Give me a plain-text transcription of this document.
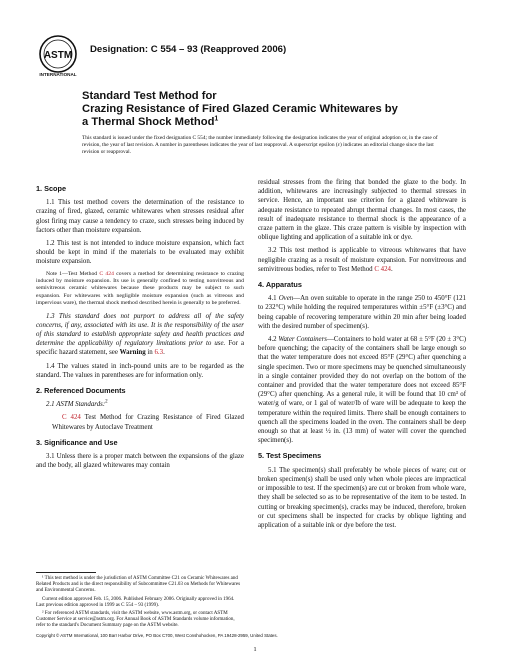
ASTM
INTERNATIONAL
Designation: C 554 – 93 (Reapproved 2006)
Standard Test Method for
Crazing Resistance of Fired Glazed Ceramic Whitewares by
a Thermal Shock Method$^1$
This standard is issued under the fixed designation C 554; the number immediately following the designation indicates the year of original adoption or, in the case of revision, the year of last revision. A number in parentheses indicates the year of last reapproval. A superscript epsilon (ε) indicates an editorial change since the last revision or reapproval.
1. Scope

1.1 This test method covers the determination of the resistance to crazing of fired, glazed, ceramic whitewares when stresses residual after glost firing may cause a tendency to craze, such stresses being induced by factors other than moisture expansion.

1.2 This test is not intended to induce moisture expansion, which fact should be kept in mind if the materials to be evaluated may exhibit moisture expansion.

Note 1—Test Method C 424 covers a method for determining resistance to crazing induced by moisture expansion. Its use is generally confined to testing nonvitreous and semivitreous ceramic whitewares because these products may be subject to such expansion. For whitewares with negligible moisture expansion (such as vitreous and impervious ware), the thermal shock method described herein is generally to be preferred.

1.3 This standard does not purport to address all of the safety concerns, if any, associated with its use. It is the responsibility of the user of this standard to establish appropriate safety and health practices and determine the applicability of regulatory limitations prior to use. For a specific hazard statement, see Warning in 6.3.

1.4 The values stated in inch-pound units are to be regarded as the standard. The values in parentheses are for information only.

2. Referenced Documents

2.1 ASTM Standards:$^2$

C 424 Test Method for Crazing Resistance of Fired Glazed Whitewares by Autoclave Treatment

3. Significance and Use

3.1 Unless there is a proper match between the expansions of the glaze and the body, all glazed whitewares may contain

residual stresses from the firing that bonded the glaze to the body. In addition, whitewares are increasingly subjected to thermal stresses in service. Hence, an important use criterion for a glazed whiteware is adequate resistance to repeated abrupt thermal changes. In most cases, the result of inadequate resistance to thermal shock is the appearance of a craze pattern in the glaze. This craze pattern is visible by inspection with oblique lighting and application of a suitable ink or dye.

3.2 This test method is applicable to vitreous whitewares that have negligible crazing as a result of moisture expansion. For nonvitreous and semivitreous bodies, refer to Test Method C 424.

4. Apparatus

4.1 Oven—An oven suitable to operate in the range 250 to 450°F (121 to 232°C) while holding the required temperatures within ±5°F (±3°C) and being capable of recovering temperature within 20 min after being loaded with the desired number of specimen(s).

4.2 Water Containers—Containers to hold water at 68 ± 5°F (20 ± 3°C) before quenching; the capacity of the containers shall be large enough so that the water temperature does not exceed 85°F (29°C) after quenching a single specimen. Two or more specimens may be quenched simultaneously in a single container provided they do not overlap on the bottom of the container and provided that the water temperature does not exceed 85°F (29°C) after quenching. As a general rule, it will be found that 10 cm³ of water/g of ware, or 1 gal of water/lb of ware will be adequate to keep the temperature within the required limits. There shall be enough containers to quench all the specimens loaded in the oven. The containers shall be deep enough so that at least ½ in. (13 mm) of water will cover the quenched specimen(s).

5. Test Specimens

5.1 The specimen(s) shall preferably be whole pieces of ware; cut or broken specimen(s) shall be used only when whole pieces are impractical or impossible to test. If the specimen(s) are cut or broken from whole ware, they shall be selected so as to be representative of the item to be tested. In cutting or breaking specimen(s), cracks may be induced, therefore, broken or cut specimens shall be inspected for cracks by oblique lighting and application of a suitable ink or dye before the test.

¹ This test method is under the jurisdiction of ASTM Committee C21 on Ceramic Whitewares and Related Products and is the direct responsibility of Subcommittee C21.03 on Methods for Whitewares and Environmental Concerns.

Current edition approved Feb. 15, 2006. Published February 2006. Originally approved in 1964. Last previous edition approved in 1999 as C 554 – 93 (1999).

² For referenced ASTM standards, visit the ASTM website, www.astm.org, or contact ASTM Customer Service at service@astm.org. For Annual Book of ASTM Standards volume information, refer to the standard's Document Summary page on the ASTM website.

Copyright © ASTM International, 100 Barr Harbor Drive, PO Box C700, West Conshohocken, PA 19428-2959, United States.
1
